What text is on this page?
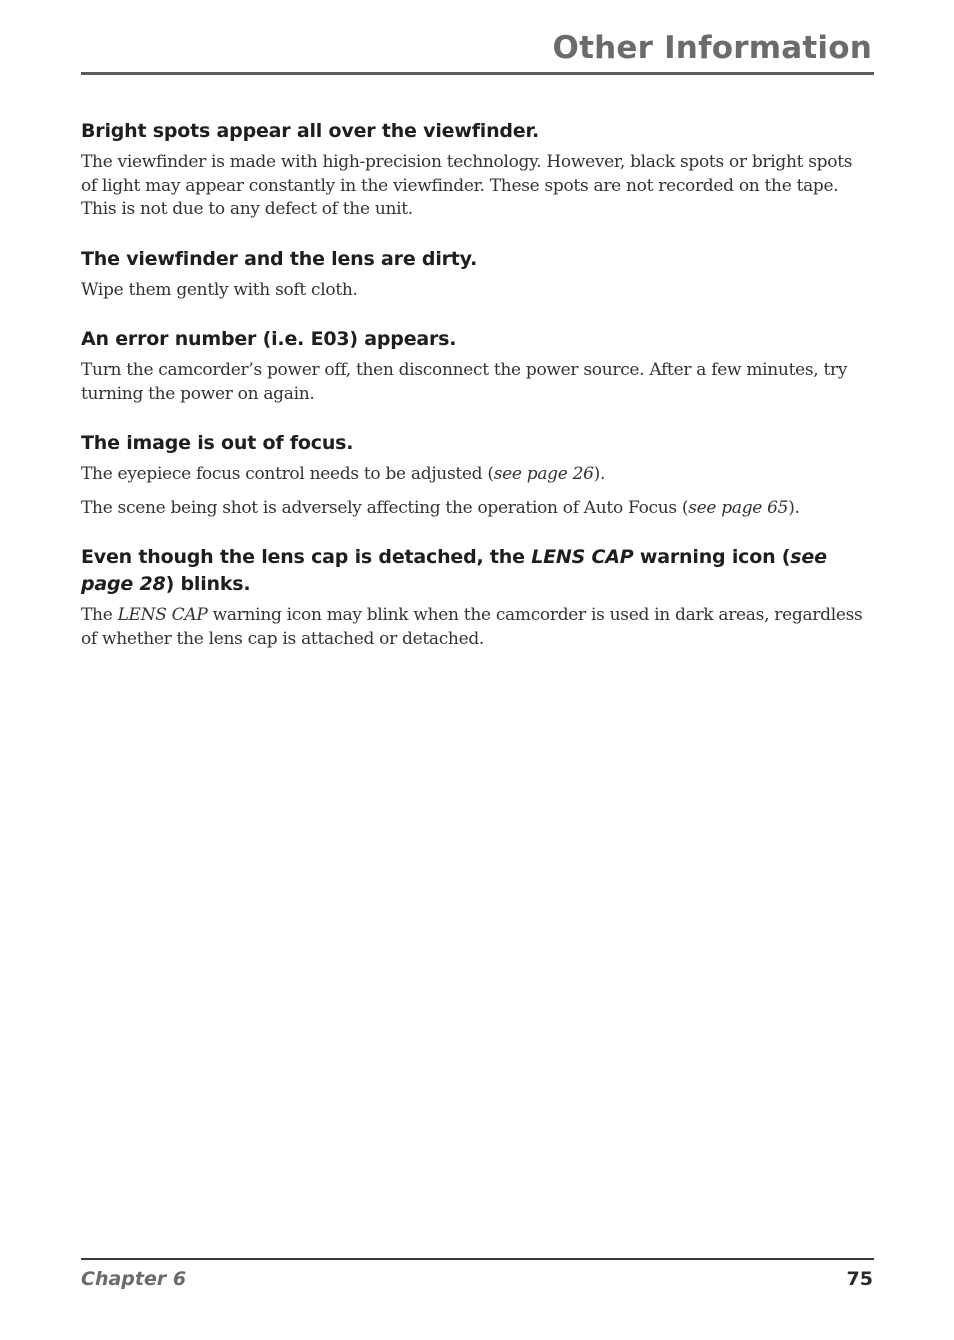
Other Information

Bright spots appear all over the viewfinder.

The viewfinder is made with high-precision technology. However, black spots or bright spots of light may appear constantly in the viewfinder. These spots are not recorded on the tape. This is not due to any defect of the unit.

The viewfinder and the lens are dirty.

Wipe them gently with soft cloth.

An error number (i.e. E03) appears.

Turn the camcorder’s power off, then disconnect the power source. After a few minutes, try turning the power on again.

The image is out of focus.

The eyepiece focus control needs to be adjusted (see page 26).

The scene being shot is adversely affecting the operation of Auto Focus (see page 65).

Even though the lens cap is detached, the LENS CAP warning icon (see page 28) blinks.

The LENS CAP warning icon may blink when the camcorder is used in dark areas, regardless of whether the lens cap is attached or detached.

Chapter 6	75
